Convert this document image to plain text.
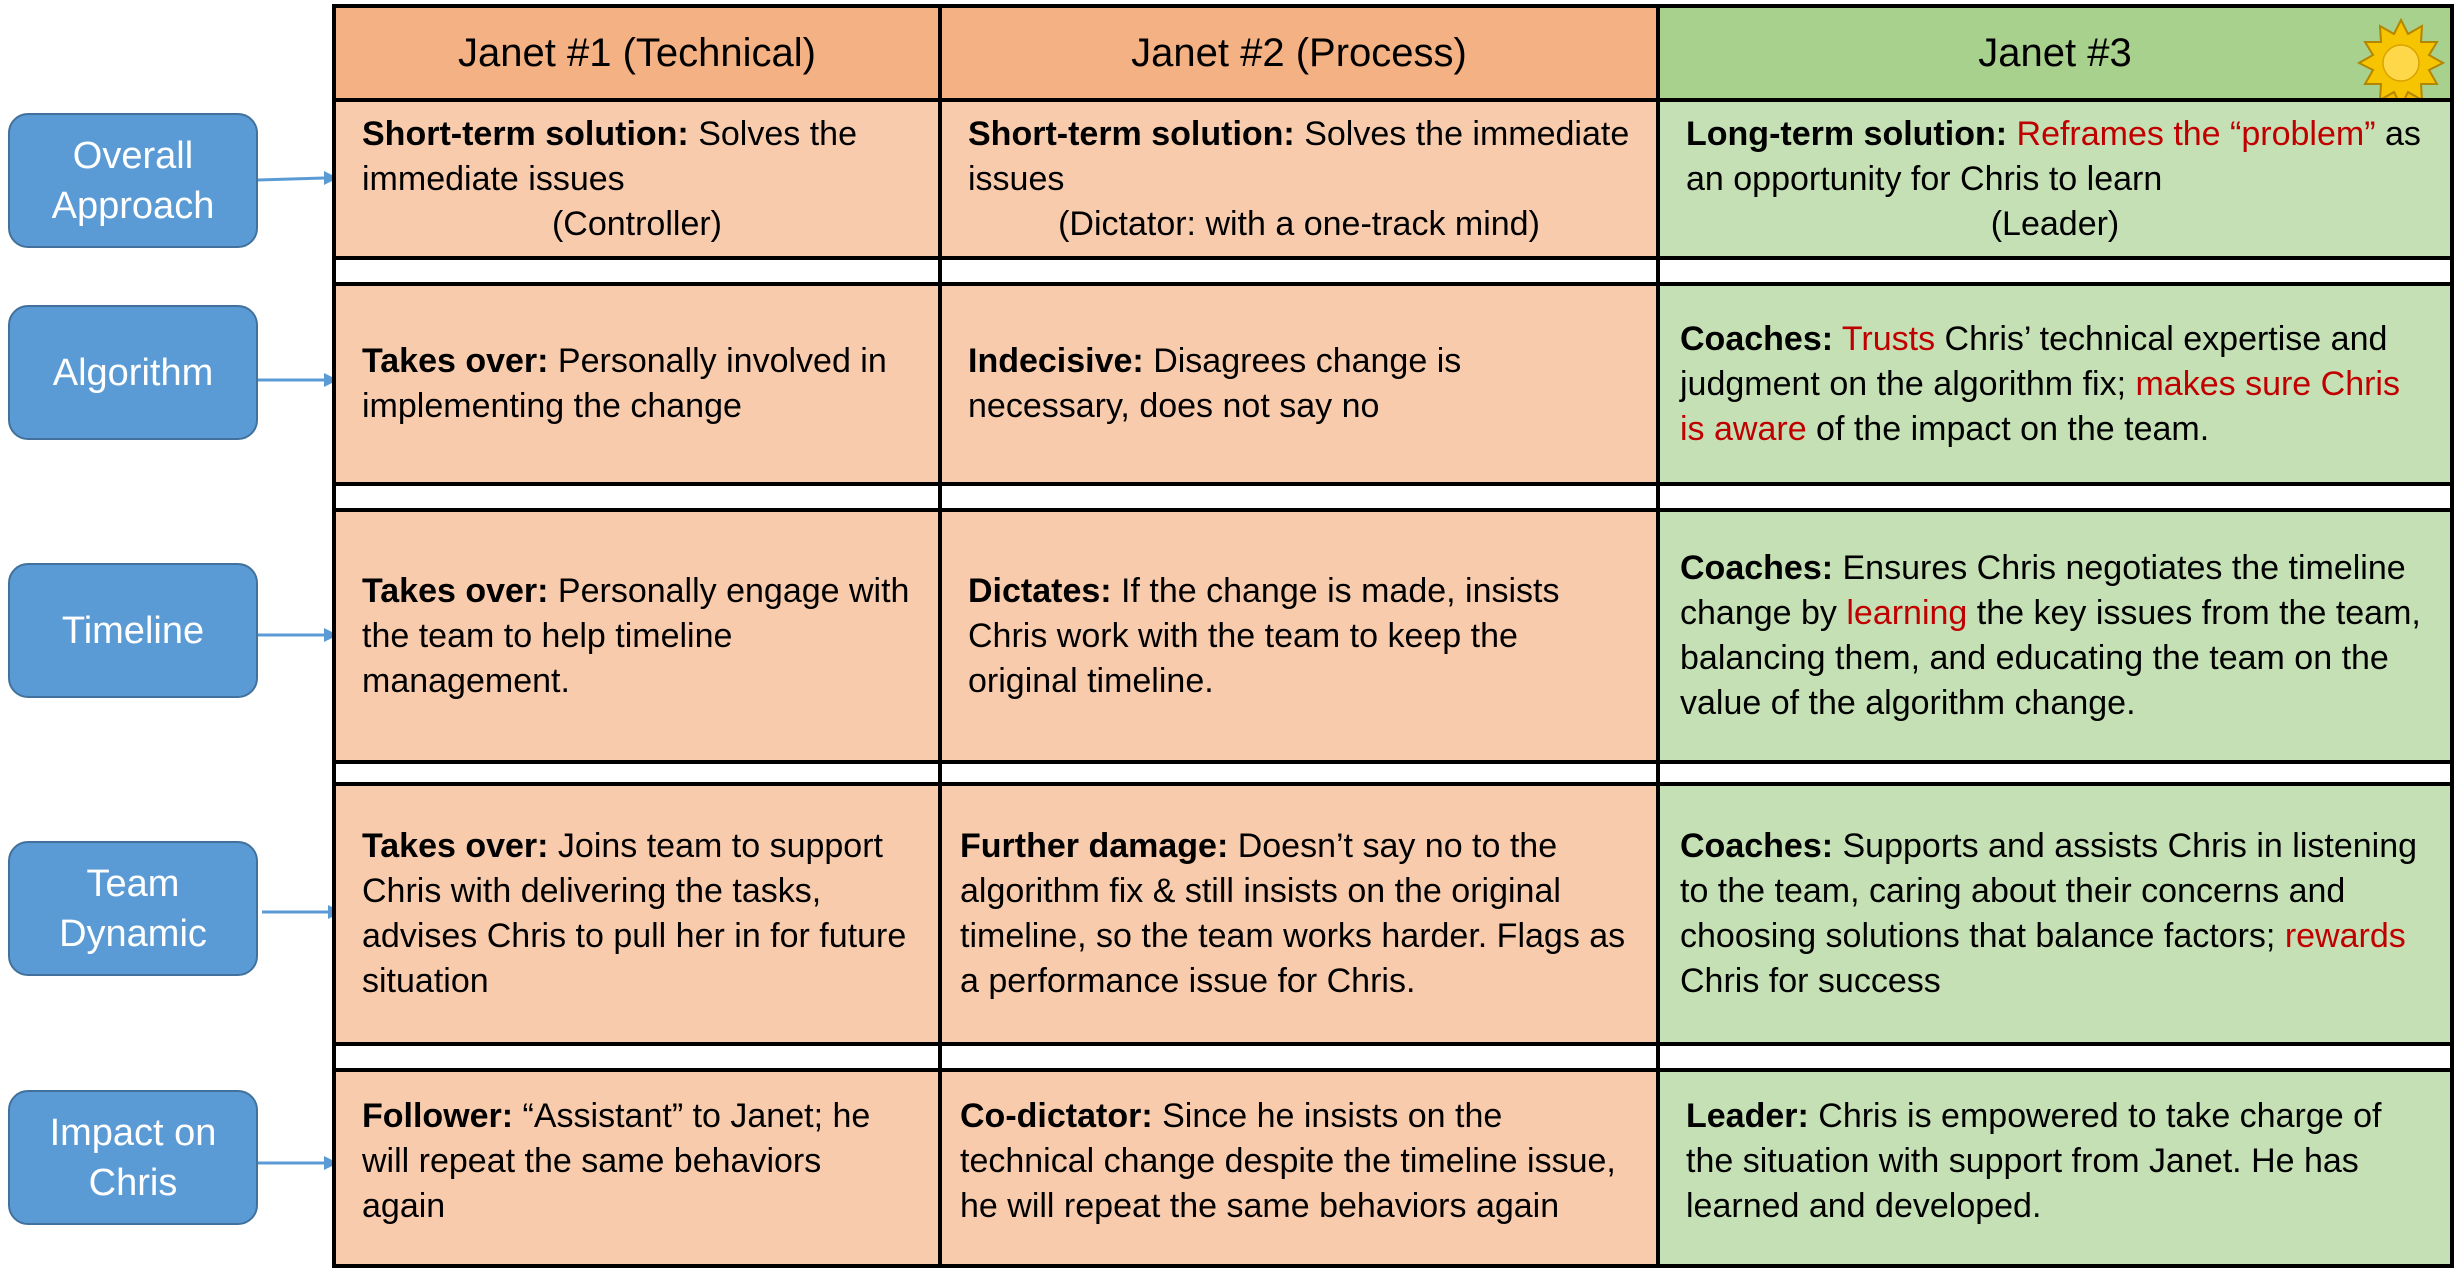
Overall
Approach
Algorithm
Timeline
Team
Dynamic
Impact on
Chris
Janet #1 (Technical)	Janet #2 (Process)	Janet #3
Short-term solution: Solves the immediate issues
(Controller)
Short-term solution: Solves the immediate issues
(Dictator: with a one-track mind)
Long-term solution: Reframes the “problem” as an opportunity for Chris to learn
(Leader)
Takes over: Personally involved in implementing the change
Indecisive: Disagrees change is necessary, does not say no
Coaches: Trusts Chris’ technical expertise and judgment on the algorithm fix; makes sure Chris is aware of the impact on the team.
Takes over: Personally engage with the team to help timeline management.
Dictates: If the change is made, insists Chris work with the team to keep the original timeline.
Coaches: Ensures Chris negotiates the timeline change by learning the key issues from the team, balancing them, and educating the team on the value of the algorithm change.
Takes over: Joins team to support Chris with delivering the tasks, advises Chris to pull her in for future situation
Further damage: Doesn’t say no to the algorithm fix & still insists on the original timeline, so the team works harder. Flags as a performance issue for Chris.
Coaches: Supports and assists Chris in listening to the team, caring about their concerns and choosing solutions that balance factors; rewards Chris for success
Follower: “Assistant” to Janet; he will repeat the same behaviors again
Co-dictator: Since he insists on the technical change despite the timeline issue, he will repeat the same behaviors again
Leader: Chris is empowered to take charge of the situation with support from Janet. He has learned and developed.
